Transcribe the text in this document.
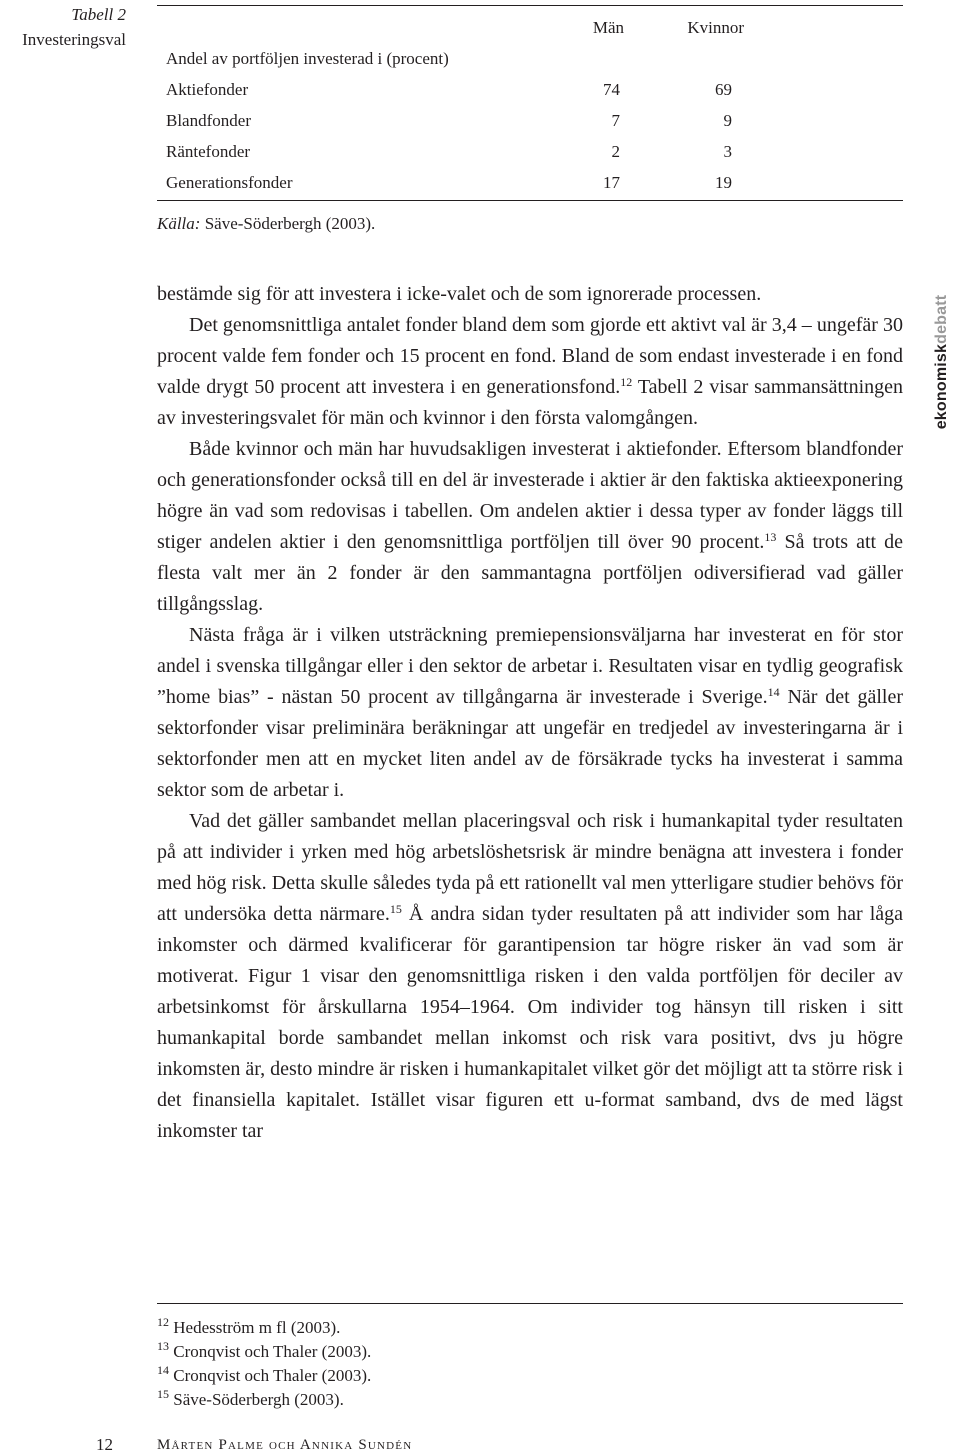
Tabell 2
Investeringsval
Män	Kvinnor
Andel av portföljen investerad i (procent)
Aktiefonder	74	69
Blandfonder	7	9
Räntefonder	2	3
Generationsfonder	17	19
Källa: Säve-Söderbergh (2003).
ekonomiskdebatt

bestämde sig för att investera i icke-valet och de som ignorerade processen.

Det genomsnittliga antalet fonder bland dem som gjorde ett aktivt val är 3,4 – ungefär 30 procent valde fem fonder och 15 procent en fond. Bland de som endast investerade i en fond valde drygt 50 procent att investera i en generationsfond.$^{12}$ Tabell 2 visar sammansättningen av investeringsvalet för män och kvinnor i den första valomgången.

Både kvinnor och män har huvudsakligen investerat i aktiefonder. Eftersom blandfonder och generationsfonder också till en del är investerade i aktier är den faktiska aktieexponering högre än vad som redovisas i tabellen. Om andelen aktier i dessa typer av fonder läggs till stiger andelen aktier i den genomsnittliga portföljen till över 90 procent.$^{13}$ Så trots att de flesta valt mer än 2 fonder är den sammantagna portföljen odiversifierad vad gäller tillgångsslag.

Nästa fråga är i vilken utsträckning premiepensionsväljarna har investerat en för stor andel i svenska tillgångar eller i den sektor de arbetar i. Resultaten visar en tydlig geografisk ”home bias” - nästan 50 procent av tillgångarna är investerade i Sverige.$^{14}$ När det gäller sektorfonder visar preliminära beräkningar att ungefär en tredjedel av investeringarna är i sektorfonder men att en mycket liten andel av de försäkrade tycks ha investerat i samma sektor som de arbetar i.

Vad det gäller sambandet mellan placeringsval och risk i humankapital tyder resultaten på att individer i yrken med hög arbetslöshetsrisk är mindre benägna att investera i fonder med hög risk. Detta skulle således tyda på ett rationellt val men ytterligare studier behövs för att undersöka detta närmare.$^{15}$ Å andra sidan tyder resultaten på att individer som har låga inkomster och därmed kvalificerar för garantipension tar högre risker än vad som är motiverat. Figur 1 visar den genomsnittliga risken i den valda portföljen för deciler av arbetsinkomst för årskullarna 1954–1964. Om individer tog hänsyn till risken i sitt humankapital borde sambandet mellan inkomst och risk vara positivt, dvs ju högre inkomsten är, desto mindre är risken i humankapitalet vilket gör det möjligt att ta större risk i det finansiella kapitalet. Istället visar figuren ett u-format samband, dvs de med lägst inkomster tar

$^{12}$ Hedesström m fl (2003).
$^{13}$ Cronqvist och Thaler (2003).
$^{14}$ Cronqvist och Thaler (2003).
$^{15}$ Säve-Söderbergh (2003).
12	Mårten Palme och Annika Sundén
